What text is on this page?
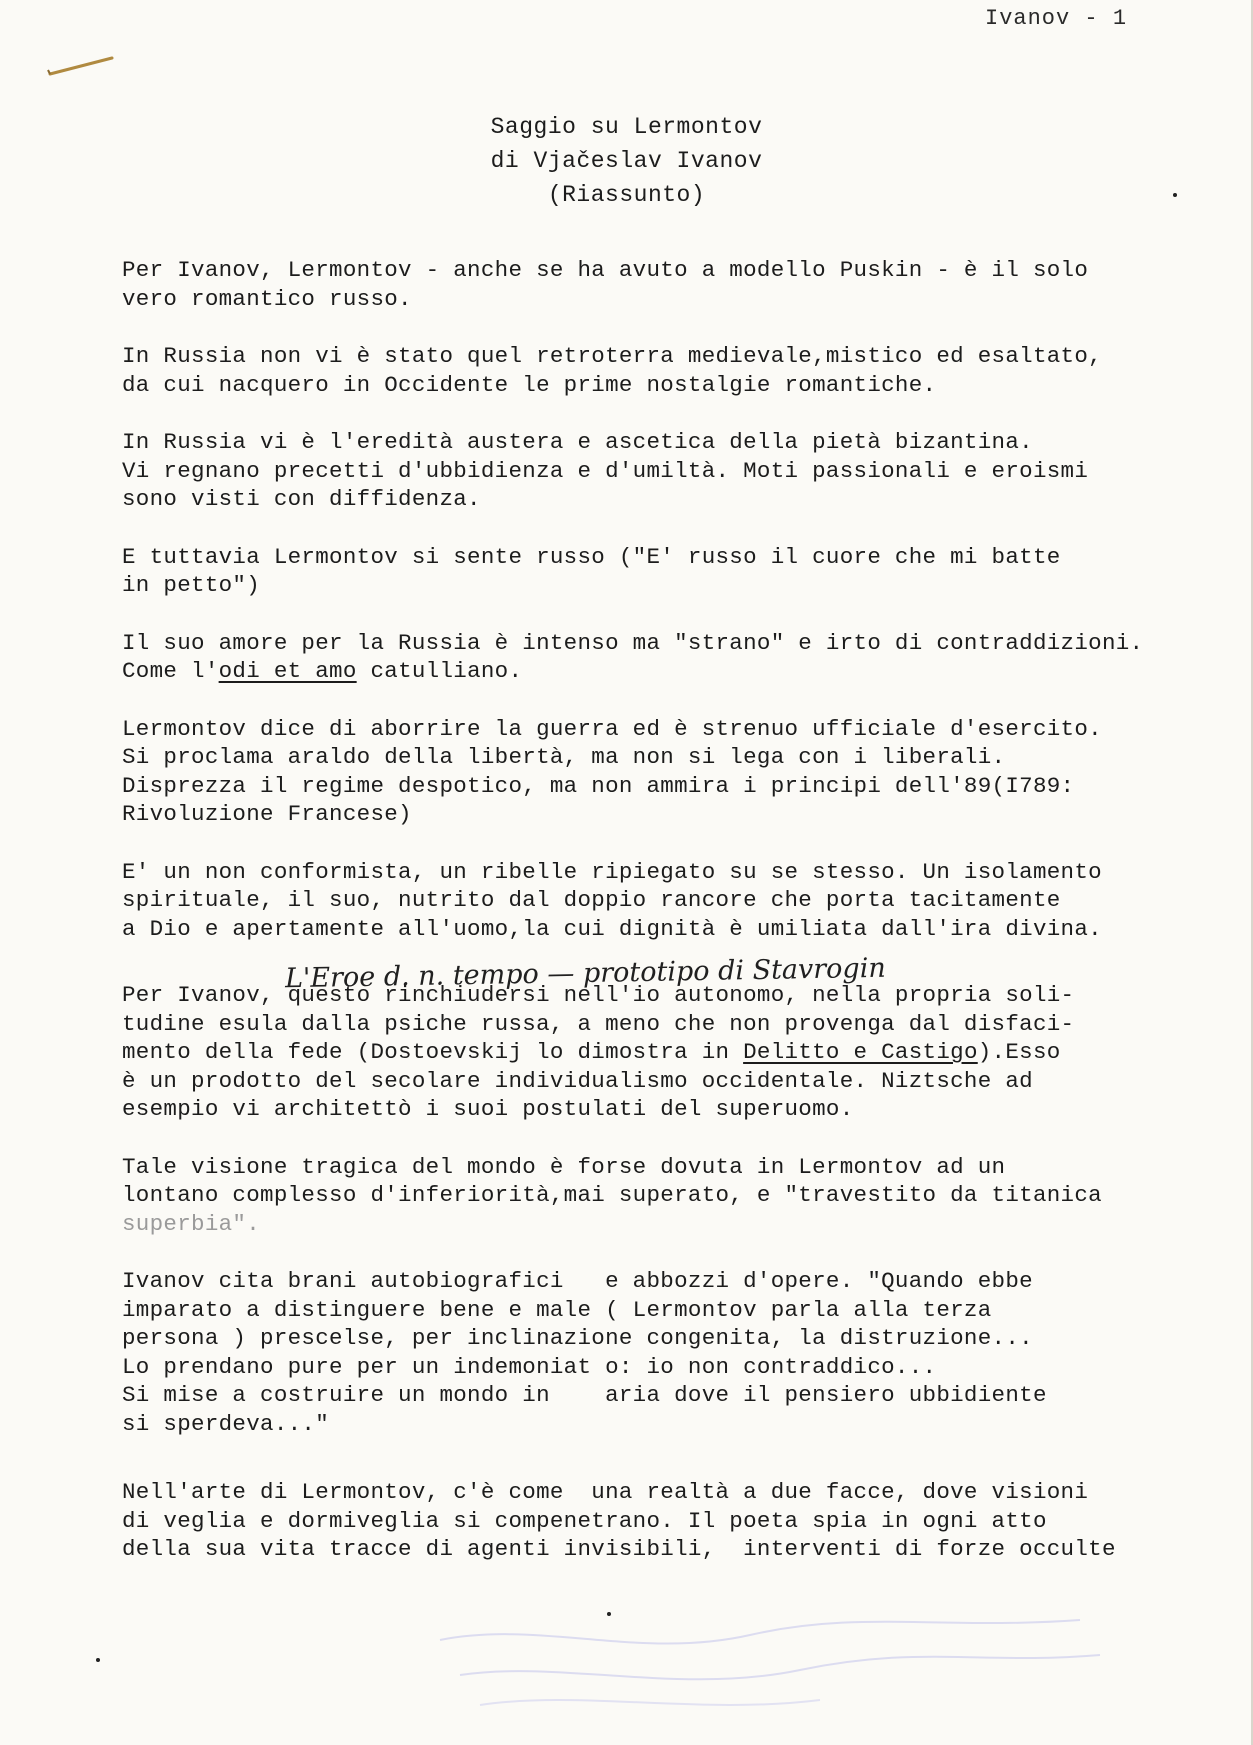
Ivanov - 1
Saggio su Lermontov
di Vjačeslav Ivanov
(Riassunto)
Per Ivanov, Lermontov - anche se ha avuto a modello Puskin - è il solo
vero romantico russo.
In Russia non vi è stato quel retroterra medievale,mistico ed esaltato,
da cui nacquero in Occidente le prime nostalgie romantiche.
In Russia vi è l'eredità austera e ascetica della pietà bizantina.
Vi regnano precetti d'ubbidienza e d'umiltà. Moti passionali e eroismi
sono visti con diffidenza.
E tuttavia Lermontov si sente russo ("E' russo il cuore che mi batte
in petto")
Il suo amore per la Russia è intenso ma "strano" e irto di contraddizioni.
Come l'odi et amo catulliano.
Lermontov dice di aborrire la guerra ed è strenuo ufficiale d'esercito.
Si proclama araldo della libertà, ma non si lega con i liberali.
Disprezza il regime despotico, ma non ammira i principi dell'89(I789:
Rivoluzione Francese)
E' un non conformista, un ribelle ripiegato su se stesso. Un isolamento
spirituale, il suo, nutrito dal doppio rancore che porta tacitamente
a Dio e apertamente all'uomo,la cui dignità è umiliata dall'ira divina.
Per Ivanov, questo rinchiudersi nell'io autonomo, nella propria soli-
tudine esula dalla psiche russa, a meno che non provenga dal disfaci-
mento della fede (Dostoevskij lo dimostra in Delitto e Castigo).Esso
è un prodotto del secolare individualismo occidentale. Niztsche ad
esempio vi architettò i suoi postulati del superuomo.
Tale visione tragica del mondo è forse dovuta in Lermontov ad un
lontano complesso d'inferiorità,mai superato, e "travestito da titanica
superbia".
Ivanov cita brani autobiografici   e abbozzi d'opere. "Quando ebbe
imparato a distinguere bene e male ( Lermontov parla alla terza
persona ) prescelse, per inclinazione congenita, la distruzione...
Lo prendano pure per un indemoniat o: io non contraddico...
Si mise a costruire un mondo in    aria dove il pensiero ubbidiente
si sperdeva..."
Nell'arte di Lermontov, c'è come  una realtà a due facce, dove visioni
di veglia e dormiveglia si compenetrano. Il poeta spia in ogni atto
della sua vita tracce di agenti invisibili,  interventi di forze occulte
L'Eroe d. n. tempo — prototipo di Stavrogin
